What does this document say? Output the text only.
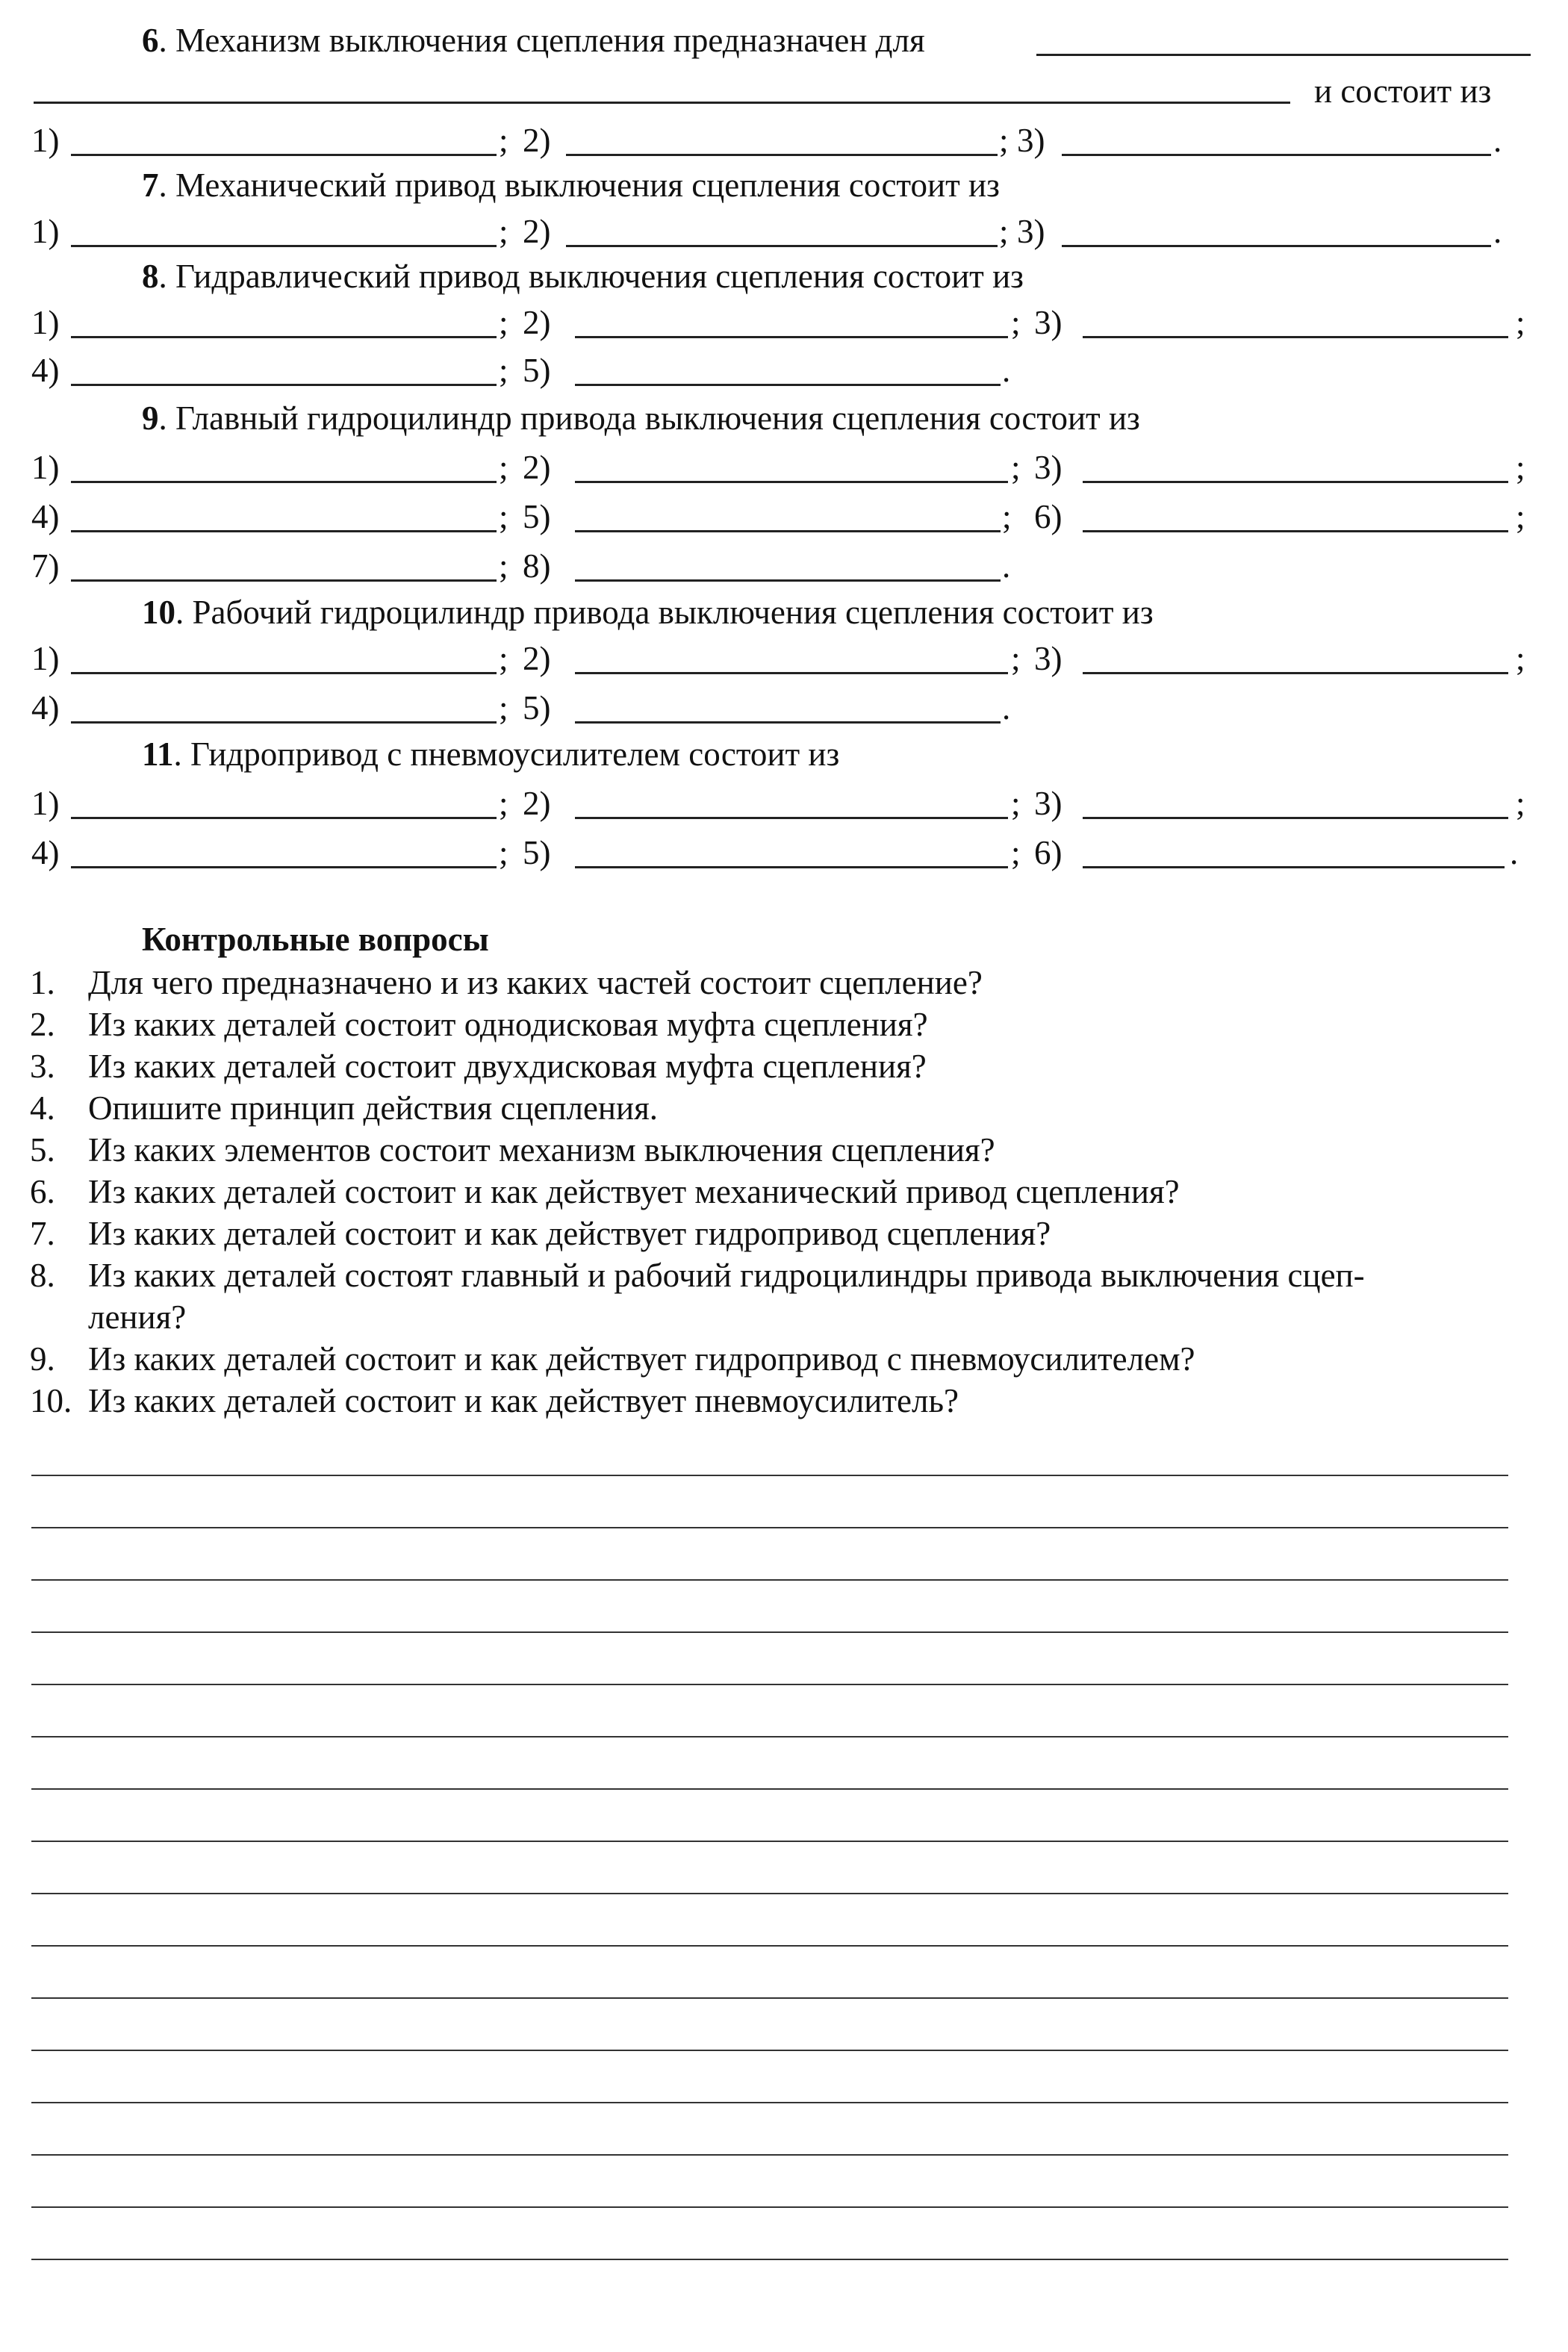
6. Механизм выключения сцепления предназначен для
и состоит из
1)	; 2)	; 3)	.
7. Механический привод выключения сцепления состоит из
1)	; 2)	; 3)	.
8. Гидравлический привод выключения сцепления состоит из
1)	; 2)	; 3)	;
4)	; 5)	.
9. Главный гидроцилиндр привода выключения сцепления состоит из
1)	; 2)	; 3)	;
4)	; 5)	; 6)	;
7)	; 8)	.
10. Рабочий гидроцилиндр привода выключения сцепления состоит из
1)	; 2)	; 3)	;
4)	; 5)	.
11. Гидропривод с пневмоусилителем состоит из
1)	; 2)	; 3)	;
4)	; 5)	; 6)	.
Контрольные вопросы
1. Для чего предназначено и из каких частей состоит сцепление?
2. Из каких деталей состоит однодисковая муфта сцепления?
3. Из каких деталей состоит двухдисковая муфта сцепления?
4. Опишите принцип действия сцепления.
5. Из каких элементов состоит механизм выключения сцепления?
6. Из каких деталей состоит и как действует механический привод сцепления?
7. Из каких деталей состоит и как действует гидропривод сцепления?
8. Из каких деталей состоят главный и рабочий гидроцилиндры привода выключения сцеп-
ления?
9. Из каких деталей состоит и как действует гидропривод с пневмоусилителем?
10. Из каких деталей состоит и как действует пневмоусилитель?
